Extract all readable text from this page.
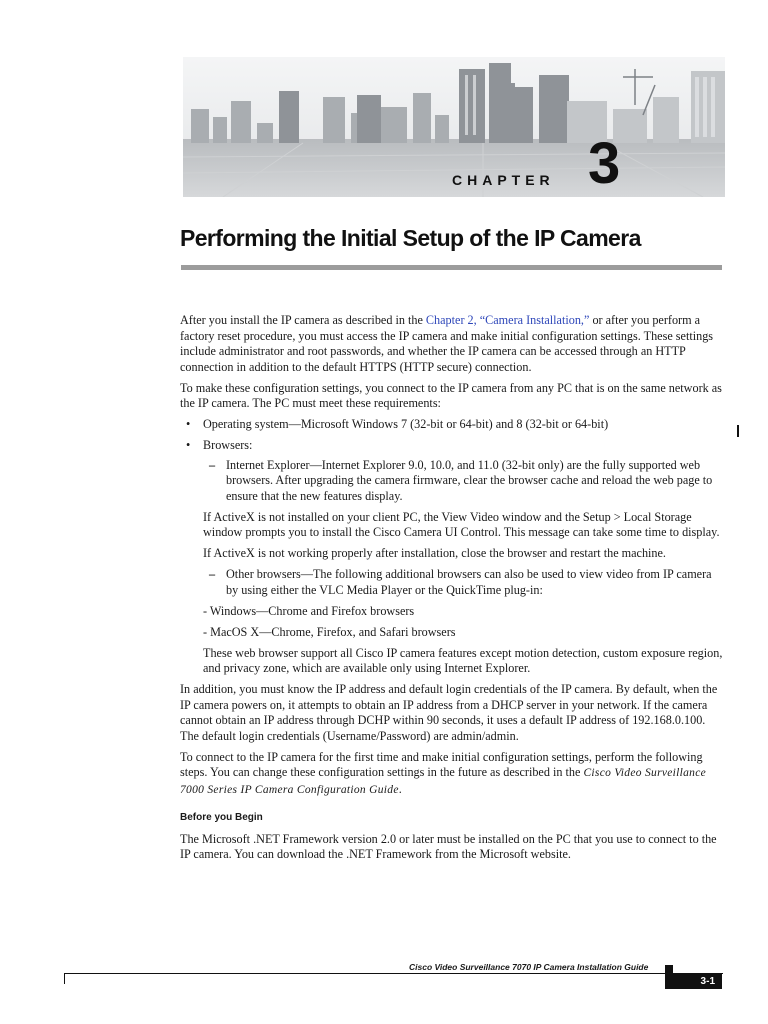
CHAPTER 3
Performing the Initial Setup of the IP Camera

After you install the IP camera as described in the Chapter 2, “Camera Installation,” or after you perform a factory reset procedure, you must access the IP camera and make initial configuration settings. These settings include administrator and root passwords, and whether the IP camera can be accessed through an HTTP connection in addition to the default HTTPS (HTTP secure) connection.

To make these configuration settings, you connect to the IP camera from any PC that is on the same network as the IP camera. The PC must meet these requirements:

• Operating system—Microsoft Windows 7 (32-bit or 64-bit) and 8 (32-bit or 64-bit)
• Browsers:
– Internet Explorer—Internet Explorer 9.0, 10.0, and 11.0 (32-bit only) are the fully supported web browsers. After upgrading the camera firmware, clear the browser cache and reload the web page to ensure that the new features display.

If ActiveX is not installed on your client PC, the View Video window and the Setup > Local Storage window prompts you to install the Cisco Camera UI Control. This message can take some time to display.

If ActiveX is not working properly after installation, close the browser and restart the machine.

– Other browsers—The following additional browsers can also be used to view video from IP camera by using either the VLC Media Player or the QuickTime plug-in:

- Windows—Chrome and Firefox browsers

- MacOS X—Chrome, Firefox, and Safari browsers

These web browser support all Cisco IP camera features except motion detection, custom exposure region, and privacy zone, which are available only using Internet Explorer.

In addition, you must know the IP address and default login credentials of the IP camera. By default, when the IP camera powers on, it attempts to obtain an IP address from a DHCP server in your network. If the camera cannot obtain an IP address through DCHP within 90 seconds, it uses a default IP address of 192.168.0.100. The default login credentials (Username/Password) are admin/admin.

To connect to the IP camera for the first time and make initial configuration settings, perform the following steps. You can change these configuration settings in the future as described in the Cisco Video Surveillance 7000 Series IP Camera Configuration Guide.

Before you Begin

The Microsoft .NET Framework version 2.0 or later must be installed on the PC that you use to connect to the IP camera. You can download the .NET Framework from the Microsoft website.

Cisco Video Surveillance 7070 IP Camera Installation Guide
3-1
